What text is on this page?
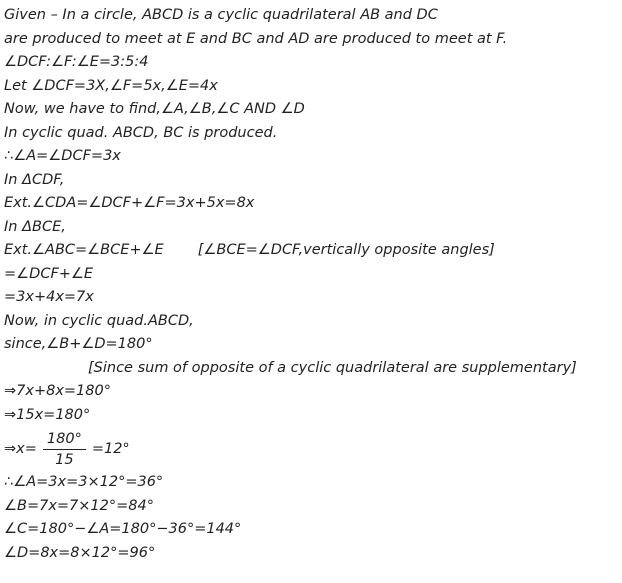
Given – In a circle, ABCD is a cyclic quadrilateral AB and DC
are produced to meet at E and BC and AD are produced to meet at F.
∠DCF:∠F:∠E=3:5:4
Let ∠DCF=3X,∠F=5x,∠E=4x
Now, we have to find,∠A,∠B,∠C AND ∠D
In cyclic quad. ABCD, BC is produced.
∴∠A=∠DCF=3x
In ΔCDF,
Ext.∠CDA=∠DCF+∠F=3x+5x=8x
In ΔBCE,
Ext.∠ABC=∠BCE+∠E [∠BCE=∠DCF,vertically opposite angles]
=∠DCF+∠E
=3x+4x=7x
Now, in cyclic quad.ABCD,
since,∠B+∠D=180°
[Since sum of opposite of a cyclic quadrilateral are supplementary]
⇒7x+8x=180°
⇒15x=180°
⇒x= $\frac{180^\circ}{15} =12^\circ$
∴∠A=3x=3×12°=36°
∠B=7x=7×12°=84°
∠C=180°−∠A=180°−36°=144°
∠D=8x=8×12°=96°
